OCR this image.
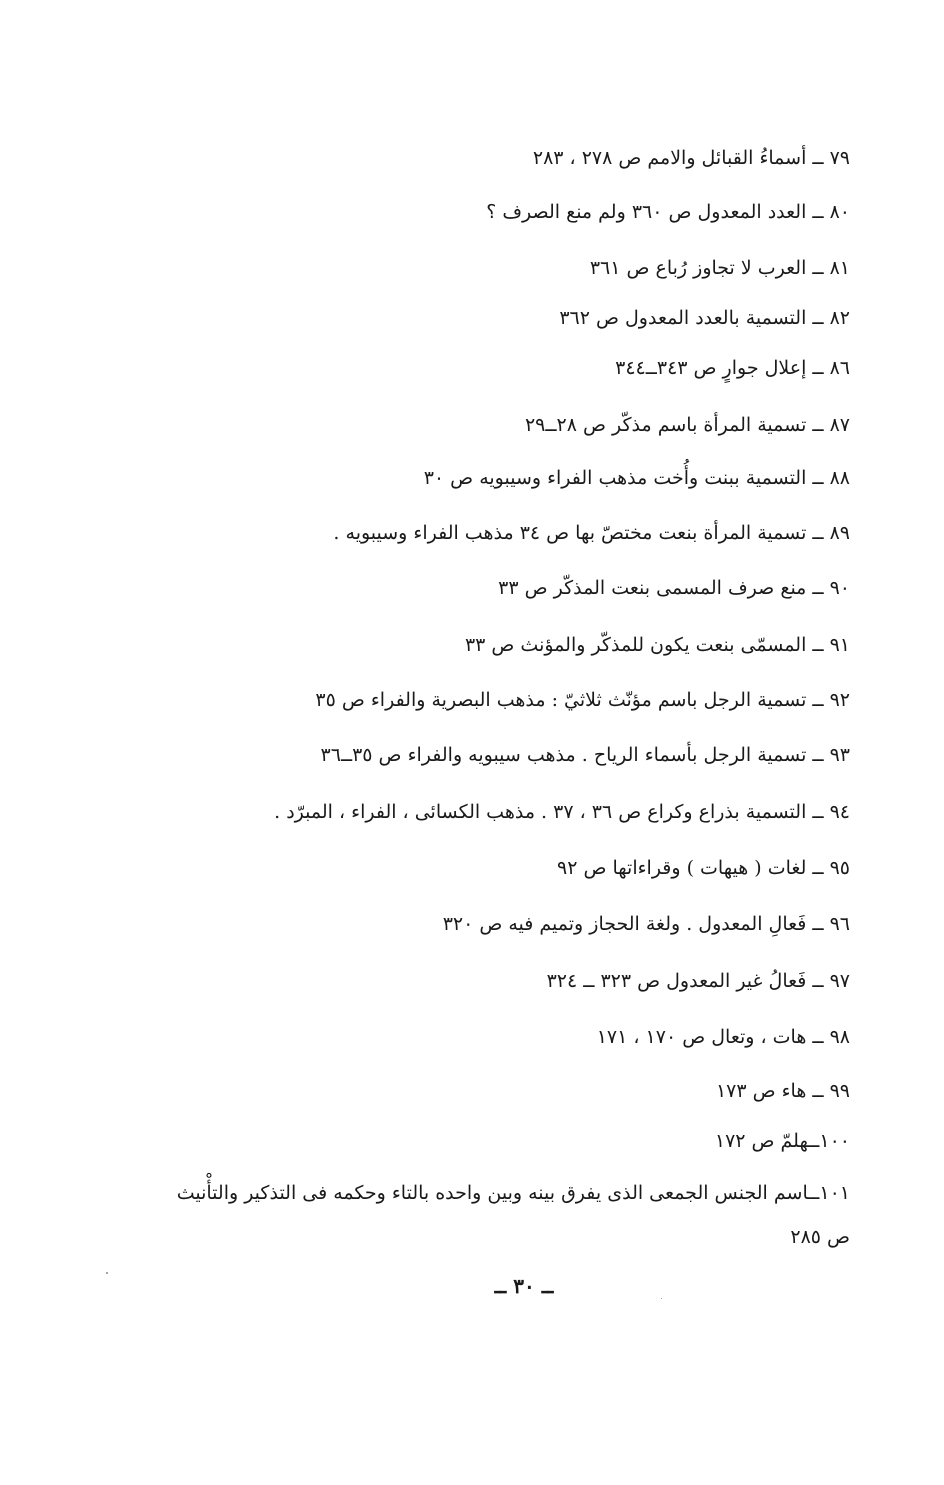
٧٩ ــ أسماءُ القبائل والامم ص ٢٧٨ ، ٢٨٣
٨٠ ــ العدد المعدول ص ٣٦٠ ولم منع الصرف ؟
٨١ ــ العرب لا تجاوز رُباع ص ٣٦١
٨٢ ــ التسمية بالعدد المعدول ص ٣٦٢
٨٦ ــ إعلال جوارٍ ص ٣٤٣ــ٣٤٤
٨٧ ــ تسمية المرأة باسم مذكّر ص ٢٨ــ٢٩
٨٨ ــ التسمية ببنت وأُخت مذهب الفراء وسيبويه ص ٣٠
٨٩ ــ تسمية المرأة بنعت مختصّ بها ص ٣٤ مذهب الفراء وسيبويه .
٩٠ ــ منع صرف المسمى بنعت المذكّر ص ٣٣
٩١ ــ المسمّى بنعت يكون للمذكّر والمؤنث ص ٣٣
٩٢ ــ تسمية الرجل باسم مؤنّث ثلاثيّ : مذهب البصرية والفراء ص ٣٥
٩٣ ــ تسمية الرجل بأسماء الرياح . مذهب سيبويه والفراء ص ٣٥ــ٣٦
٩٤ ــ التسمية بذراع وكراع ص ٣٦ ، ٣٧ . مذهب الكسائى ، الفراء ، المبرّد .
٩٥ ــ لغات ( هيهات ) وقراءاتها ص ٩٢
٩٦ ــ فَعالِ المعدول . ولغة الحجاز وتميم فيه ص ٣٢٠
٩٧ ــ فَعالُ غير المعدول ص ٣٢٣ ــ ٣٢٤
٩٨ ــ هات ، وتعال ص ١٧٠ ، ١٧١
٩٩ ــ هاء ص ١٧٣
١٠٠ــهلمّ ص ١٧٢
١٠١ــاسم الجنس الجمعى الذى يفرق بينه وبين واحده بالتاء وحكمه فى التذكير والتأْنيث ص ٢٨٥
ــ ٣٠ ــ
